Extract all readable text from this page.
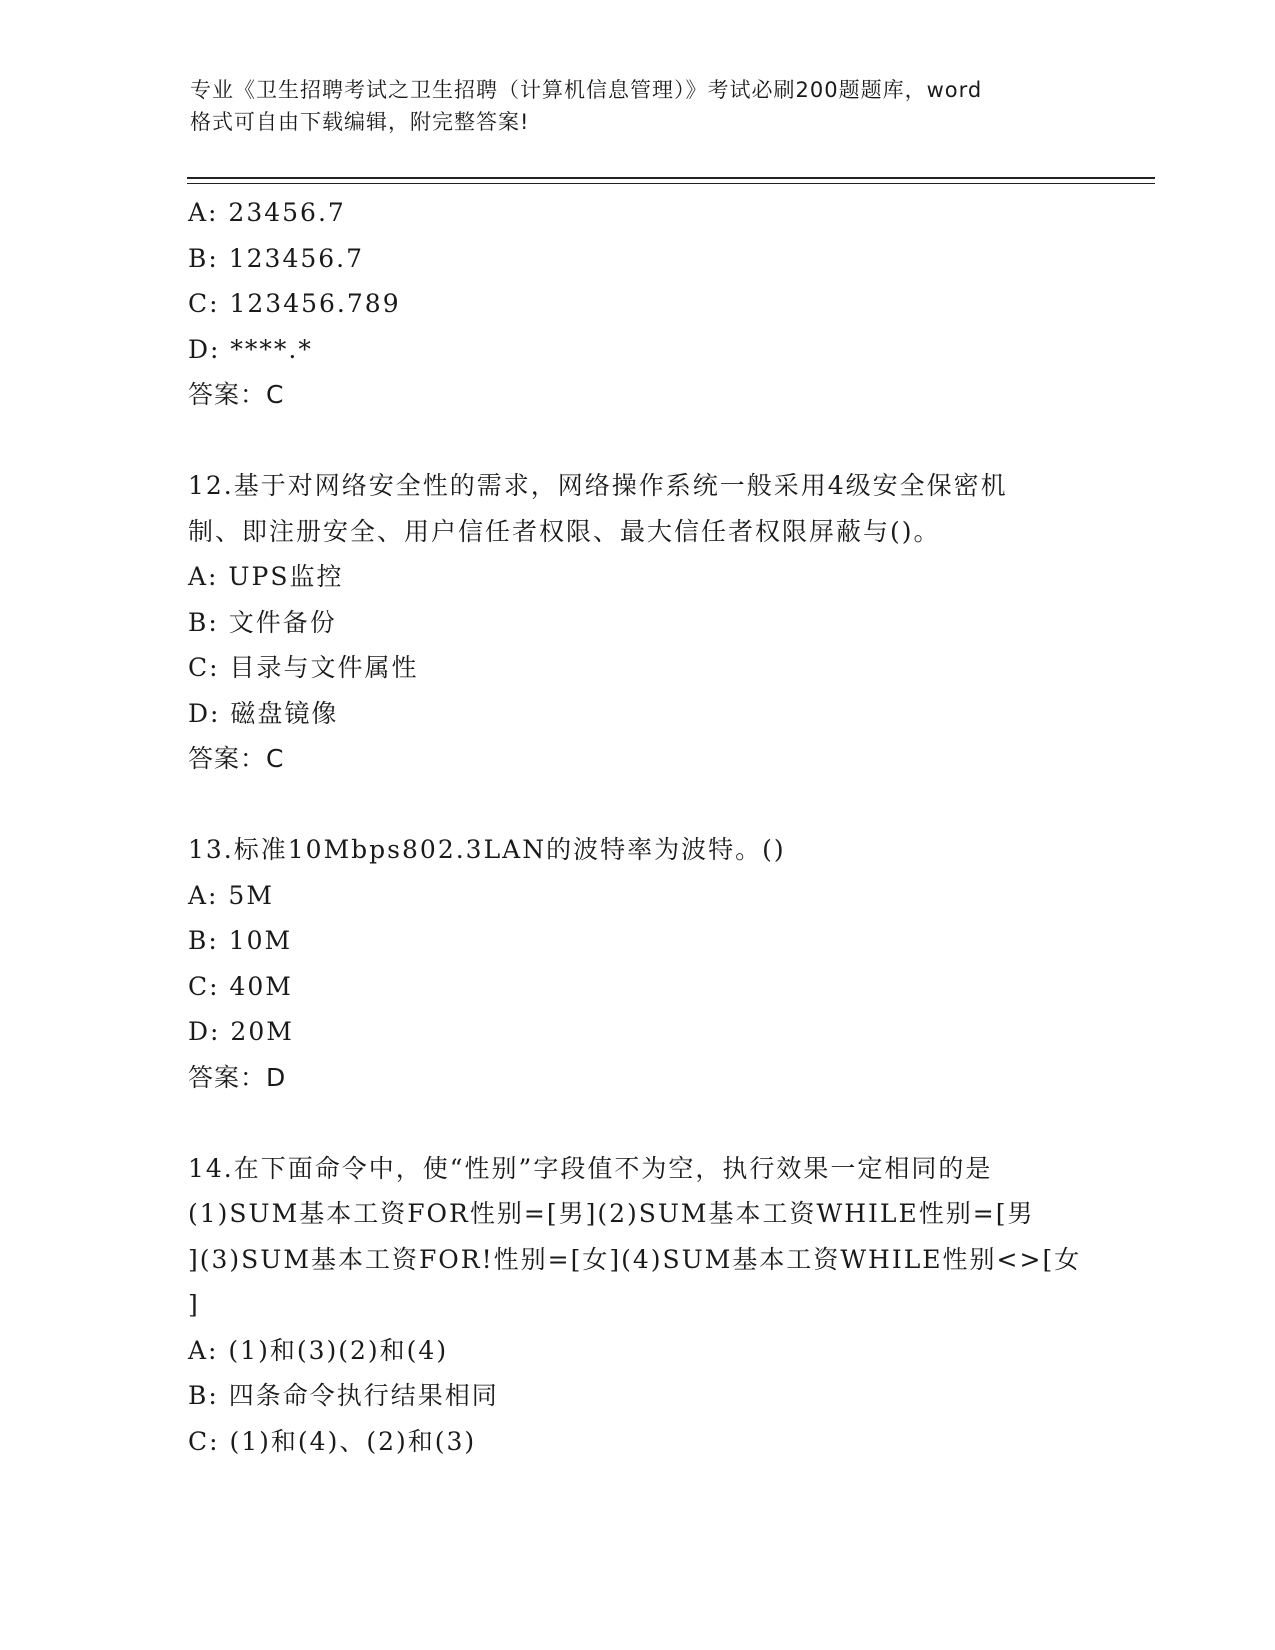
专业《卫生招聘考试之卫生招聘（计算机信息管理）》考试必刷200题题库，word
格式可自由下载编辑，附完整答案!
A: 23456.7
B: 123456.7
C: 123456.789
D: ****.*
答案：C
12.基于对网络安全性的需求，网络操作系统一般采用4级安全保密机
制、即注册安全、用户信任者权限、最大信任者权限屏蔽与()。
A: UPS监控
B: 文件备份
C: 目录与文件属性
D: 磁盘镜像
答案：C
13.标准10Mbps802.3LAN的波特率为波特。()
A: 5M
B: 10M
C: 40M
D: 20M
答案：D
14.在下面命令中，使“性别”字段值不为空，执行效果一定相同的是
(1)SUM基本工资FOR性别=[男](2)SUM基本工资WHILE性别=[男
](3)SUM基本工资FOR!性别=[女](4)SUM基本工资WHILE性别<>[女
]
A: (1)和(3)(2)和(4)
B: 四条命令执行结果相同
C: (1)和(4)、(2)和(3)
